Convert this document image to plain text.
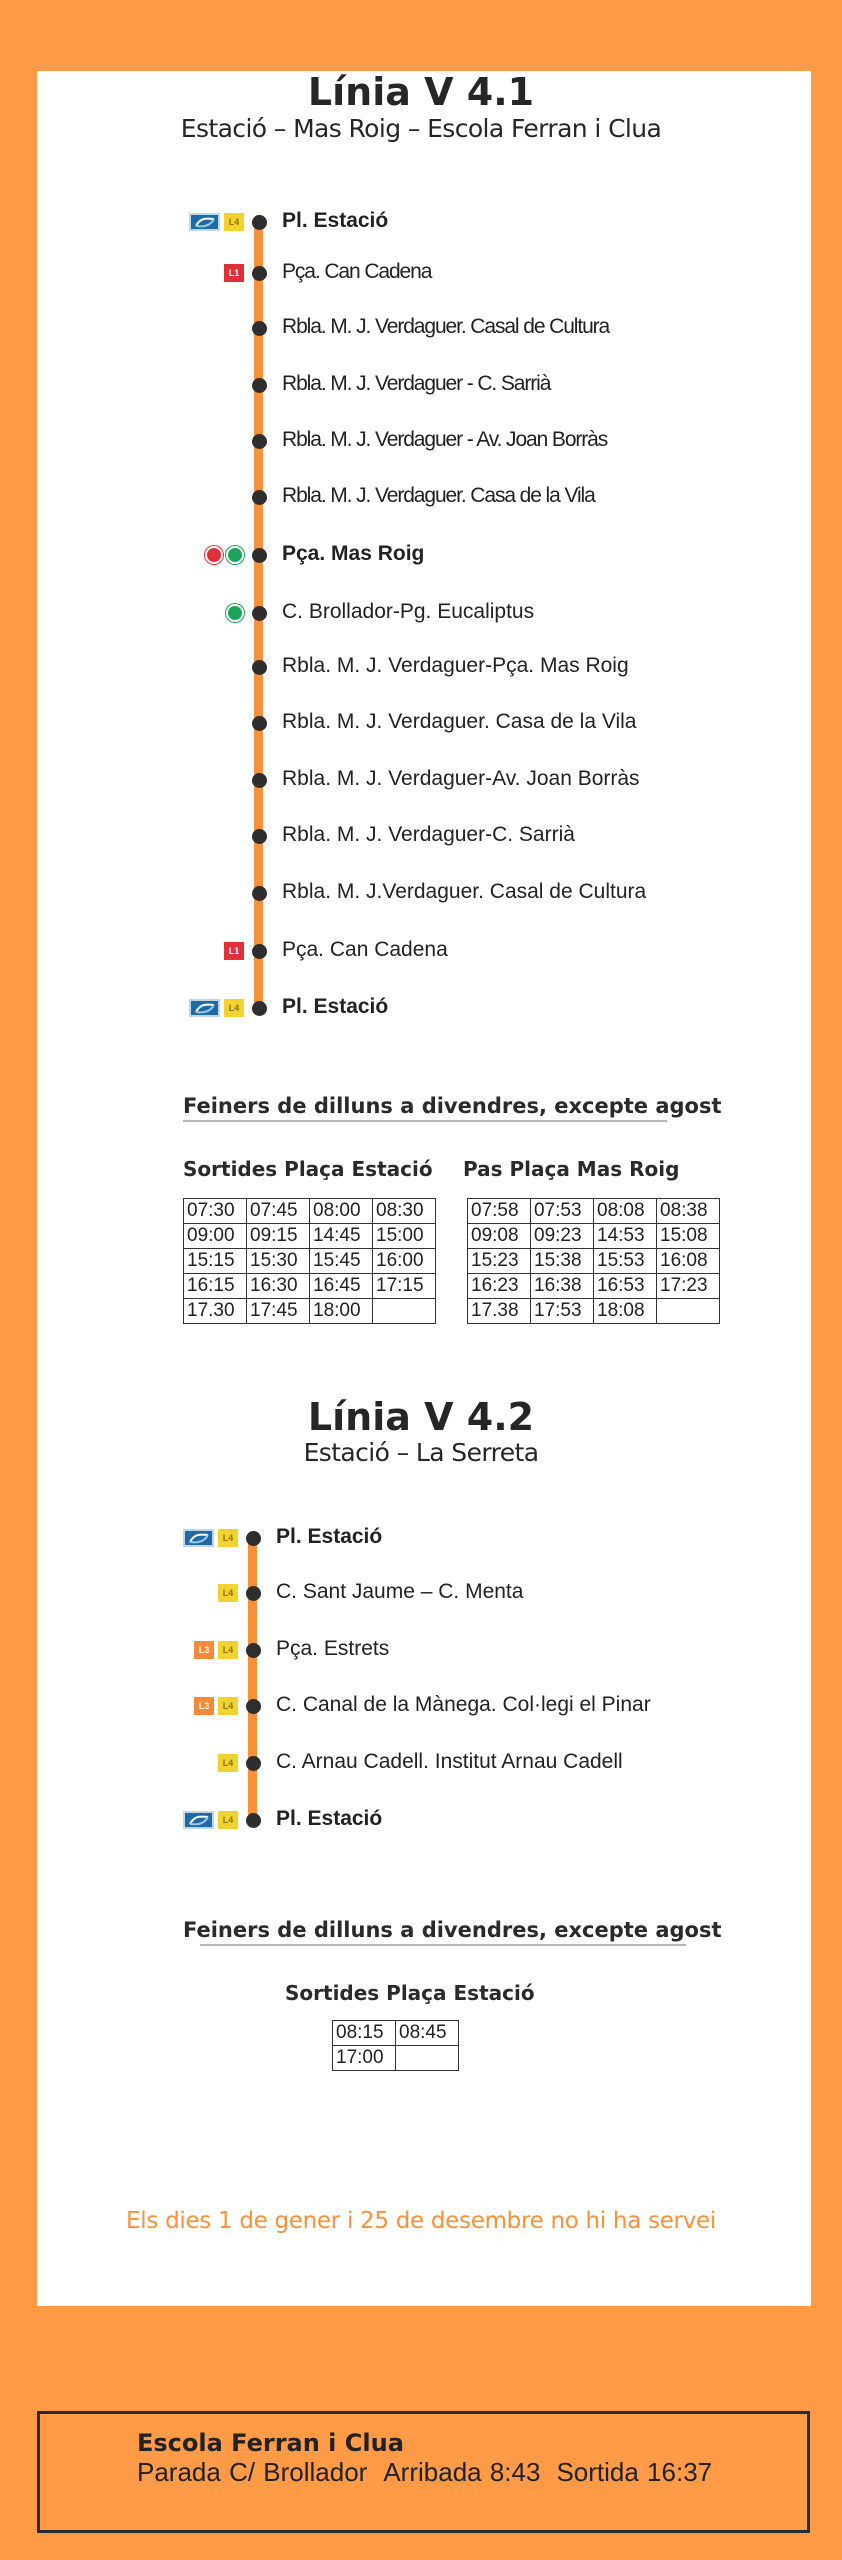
Línia V 4.1
Estació – Mas Roig – Escola Ferran i Clua
Pl. Estació
L4
Pça. Can Cadena
L1
Rbla. M. J. Verdaguer. Casal de Cultura
Rbla. M. J. Verdaguer - C. Sarrià
Rbla. M. J. Verdaguer - Av. Joan Borràs
Rbla. M. J. Verdaguer. Casa de la Vila
Pça. Mas Roig
C. Brollador-Pg. Eucaliptus
Rbla. M. J. Verdaguer-Pça. Mas Roig
Rbla. M. J. Verdaguer. Casa de la Vila
Rbla. M. J. Verdaguer-Av. Joan Borràs
Rbla. M. J. Verdaguer-C. Sarrià
Rbla. M. J.Verdaguer. Casal de Cultura
Pça. Can Cadena
L1
Pl. Estació
L4
Feiners de dilluns a divendres, excepte agost
Sortides Plaça Estació
07:30	07:45	08:00	08:30
09:00	09:15	14:45	15:00
15:15	15:30	15:45	16:00
16:15	16:30	16:45	17:15
17.30	17:45	18:00	
Pas Plaça Mas Roig
07:58	07:53	08:08	08:38
09:08	09:23	14:53	15:08
15:23	15:38	15:53	16:08
16:23	16:38	16:53	17:23
17.38	17:53	18:08	
Línia V 4.2
Estació – La Serreta
Pl. Estació
L4
C. Sant Jaume – C. Menta
L4
Pça. Estrets
L4
L3
C. Canal de la Mànega. Col·legi el Pinar
L4
L3
C. Arnau Cadell. Institut Arnau Cadell
L4
Pl. Estació
L4
Feiners de dilluns a divendres, excepte agost
Sortides Plaça Estació
08:15	08:45
17:00	
Els dies 1 de gener i 25 de desembre no hi ha servei
Escola Ferran i Clua
Parada C/ Brollador Arribada 8:43 Sortida 16:37
